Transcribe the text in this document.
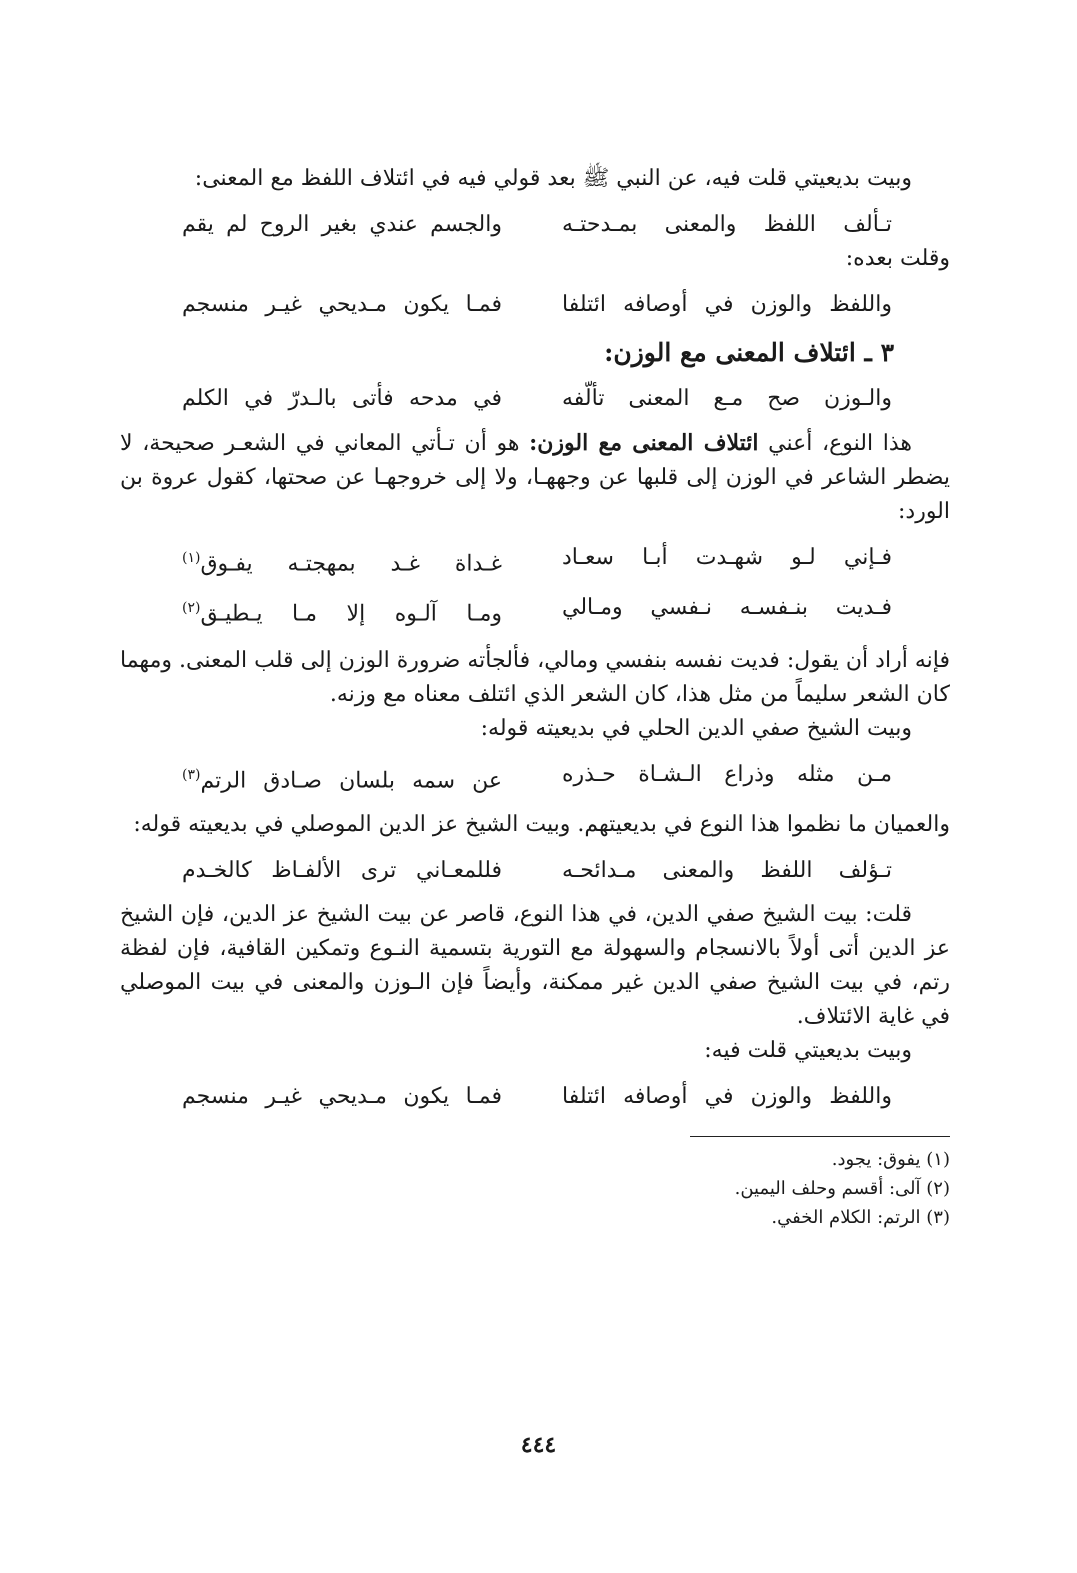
وبيت بديعيتي قلت فيه، عن النبي ﷺ بعد قولي فيه في ائتلاف اللفظ مع المعنى:

تـألف اللفظ والمعنى بمـدحتـه
والجسم عندي بغير الروح لم يقم

وقلت بعده:

واللفظ والوزن في أوصافه ائتلفا
فمـا يكون مـديحي غيـر منسجم
٣ ـ ائتلاف المعنى مع الوزن:
والـوزن صح مـع المعنى تألّفه
في مدحه فأتى بالـدرّ في الكلم

هذا النوع، أعني ائتلاف المعنى مع الوزن: هو أن تـأتي المعاني في الشعـر صحيحة، لا يضطر الشاعر في الوزن إلى قلبها عن وجههـا، ولا إلى خروجهـا عن صحتها، كقول عروة بن الورد:

فـإني لـو شهـدت أبـا سعـاد
غـداة غـد بمهجتـه يفـوق$^{(١)}$
فـديت بنـفسـه نـفسي ومـالي
ومـا آلـوه إلا مـا يـطيـق$^{(٢)}$

فإنه أراد أن يقول: فديت نفسه بنفسي ومالي، فألجأته ضرورة الوزن إلى قلب المعنى. ومهما كان الشعر سليماً من مثل هذا، كان الشعر الذي ائتلف معناه مع وزنه.

وبيت الشيخ صفي الدين الحلي في بديعيته قوله:

مـن مثله وذراع الـشـاة حـذره
عن سمه بلسان صـادق الرتم$^{(٣)}$

والعميان ما نظموا هذا النوع في بديعيتهم. وبيت الشيخ عز الدين الموصلي في بديعيته قوله:

تـؤلف اللفظ والمعنى مـدائحـه
فللمعـاني ترى الألفـاظ كالخـدم

قلت: بيت الشيخ صفي الدين، في هذا النوع، قاصر عن بيت الشيخ عز الدين، فإن الشيخ عز الدين أتى أولاً بالانسجام والسهولة مع التورية بتسمية النـوع وتمكين القافية، فإن لفظة رتم، في بيت الشيخ صفي الدين غير ممكنة، وأيضاً فإن الـوزن والمعنى في بيت الموصلي في غاية الائتلاف.

وبيت بديعيتي قلت فيه:

واللفظ والوزن في أوصافه ائتلفا
فمـا يكون مـديحي غيـر منسجم

(١) يفوق: يجود.

(٢) آلى: أقسم وحلف اليمين.

(٣) الرتم: الكلام الخفي.

٤٤٤
